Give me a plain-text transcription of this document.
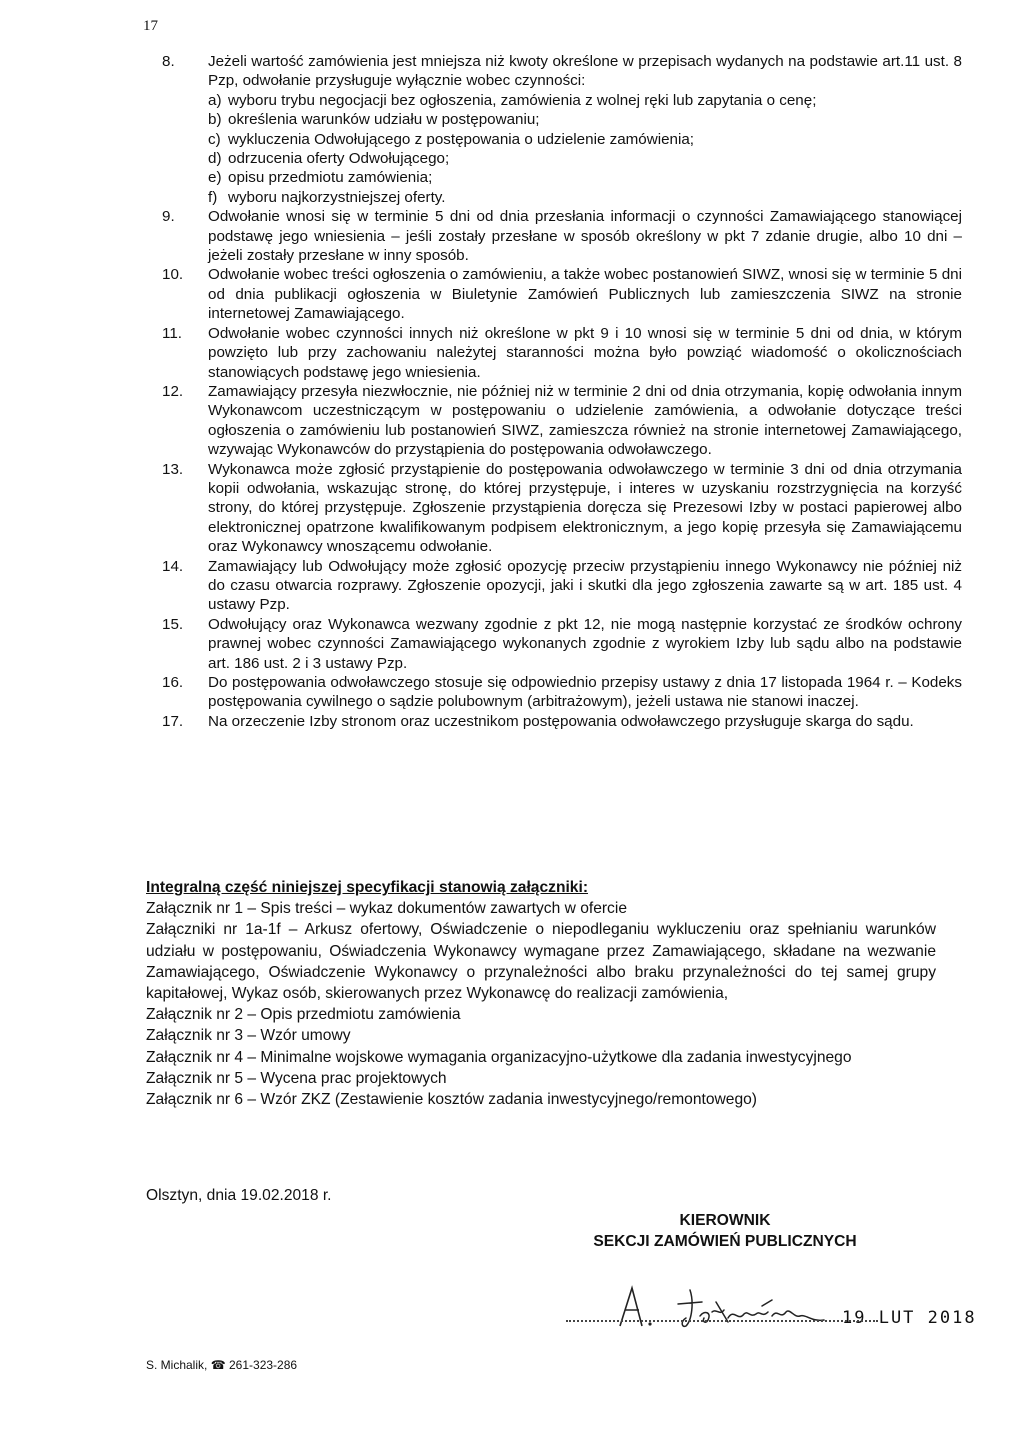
17
8. Jeżeli wartość zamówienia jest mniejsza niż kwoty określone w przepisach wydanych na podstawie art.11 ust. 8 Pzp, odwołanie przysługuje wyłącznie wobec czynności:
a) wyboru trybu negocjacji bez ogłoszenia, zamówienia z wolnej ręki lub zapytania o cenę;
b) określenia warunków udziału w postępowaniu;
c) wykluczenia Odwołującego z postępowania o udzielenie zamówienia;
d) odrzucenia oferty Odwołującego;
e) opisu przedmiotu zamówienia;
f) wyboru najkorzystniejszej oferty.
9. Odwołanie wnosi się w terminie 5 dni od dnia przesłania informacji o czynności Zamawiającego stanowiącej podstawę jego wniesienia – jeśli zostały przesłane w sposób określony w pkt 7 zdanie drugie, albo 10 dni – jeżeli zostały przesłane w inny sposób.
10. Odwołanie wobec treści ogłoszenia o zamówieniu, a także wobec postanowień SIWZ, wnosi się w terminie 5 dni od dnia publikacji ogłoszenia w Biuletynie Zamówień Publicznych lub zamieszczenia SIWZ na stronie internetowej Zamawiającego.
11. Odwołanie wobec czynności innych niż określone w pkt 9 i 10 wnosi się w terminie 5 dni od dnia, w którym powzięto lub przy zachowaniu należytej staranności można było powziąć wiadomość o okolicznościach stanowiących podstawę jego wniesienia.
12. Zamawiający przesyła niezwłocznie, nie później niż w terminie 2 dni od dnia otrzymania, kopię odwołania innym Wykonawcom uczestniczącym w postępowaniu o udzielenie zamówienia, a odwołanie dotyczące treści ogłoszenia o zamówieniu lub postanowień SIWZ, zamieszcza również na stronie internetowej Zamawiającego, wzywając Wykonawców do przystąpienia do postępowania odwoławczego.
13. Wykonawca może zgłosić przystąpienie do postępowania odwoławczego w terminie 3 dni od dnia otrzymania kopii odwołania, wskazując stronę, do której przystępuje, i interes w uzyskaniu rozstrzygnięcia na korzyść strony, do której przystępuje. Zgłoszenie przystąpienia doręcza się Prezesowi Izby w postaci papierowej albo elektronicznej opatrzone kwalifikowanym podpisem elektronicznym, a jego kopię przesyła się Zamawiającemu oraz Wykonawcy wnoszącemu odwołanie.
14. Zamawiający lub Odwołujący może zgłosić opozycję przeciw przystąpieniu innego Wykonawcy nie później niż do czasu otwarcia rozprawy. Zgłoszenie opozycji, jaki i skutki dla jego zgłoszenia zawarte są w art. 185 ust. 4 ustawy Pzp.
15. Odwołujący oraz Wykonawca wezwany zgodnie z pkt 12, nie mogą następnie korzystać ze środków ochrony prawnej wobec czynności Zamawiającego wykonanych zgodnie z wyrokiem Izby lub sądu albo na podstawie art. 186 ust. 2 i 3 ustawy Pzp.
16. Do postępowania odwoławczego stosuje się odpowiednio przepisy ustawy z dnia 17 listopada 1964 r. – Kodeks postępowania cywilnego o sądzie polubownym (arbitrażowym), jeżeli ustawa nie stanowi inaczej.
17. Na orzeczenie Izby stronom oraz uczestnikom postępowania odwoławczego przysługuje skarga do sądu.
Integralną część niniejszej specyfikacji stanowią załączniki:
Załącznik nr 1 – Spis treści – wykaz dokumentów zawartych w ofercie
Załączniki nr 1a-1f – Arkusz ofertowy, Oświadczenie o niepodleganiu wykluczeniu oraz spełnianiu warunków udziału w postępowaniu, Oświadczenia Wykonawcy wymagane przez Zamawiającego, składane na wezwanie Zamawiającego, Oświadczenie Wykonawcy o przynależności albo braku przynależności do tej samej grupy kapitałowej, Wykaz osób, skierowanych przez Wykonawcę do realizacji zamówienia,
Załącznik nr 2 – Opis przedmiotu zamówienia
Załącznik nr 3 – Wzór umowy
Załącznik nr 4 – Minimalne wojskowe wymagania organizacyjno-użytkowe dla zadania inwestycyjnego
Załącznik nr 5 – Wycena prac projektowych
Załącznik nr 6 – Wzór ZKZ (Zestawienie kosztów zadania inwestycyjnego/remontowego)
Olsztyn, dnia 19.02.2018 r.
KIEROWNIK
SEKCJI ZAMÓWIEŃ PUBLICZNYCH
19 LUT 2018
S. Michalik, ☎ 261-323-286
